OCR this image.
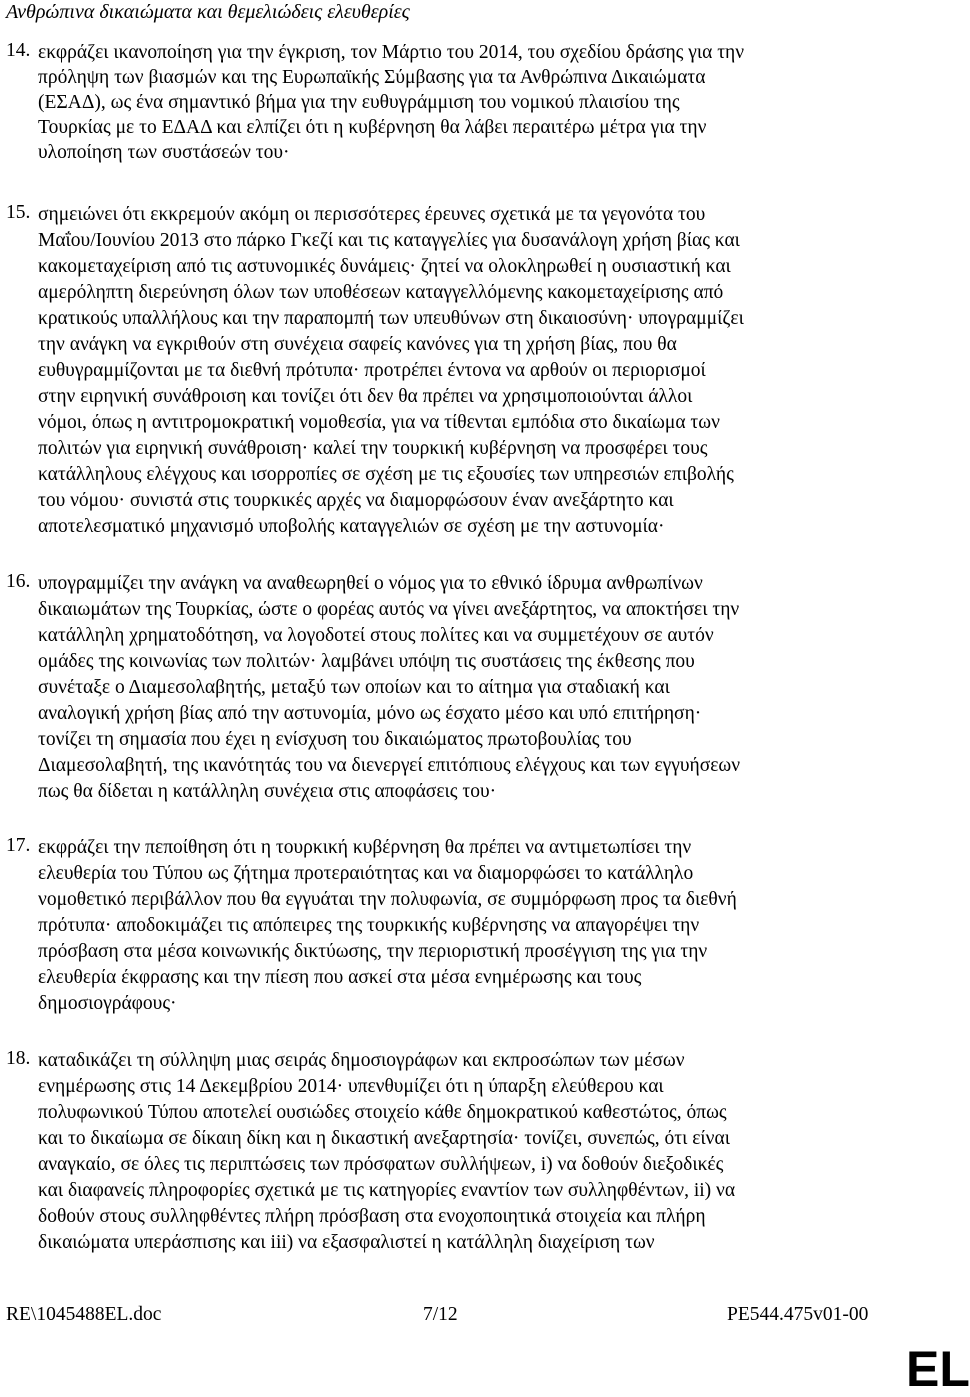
Ανθρώπινα δικαιώματα και θεμελιώδεις ελευθερίες
14. εκφράζει ικανοποίηση για την έγκριση, τον Μάρτιο του 2014, του σχεδίου δράσης για την
πρόληψη των βιασμών και της Ευρωπαϊκής Σύμβασης για τα Ανθρώπινα Δικαιώματα
(ΕΣΑΔ), ως ένα σημαντικό βήμα για την ευθυγράμμιση του νομικού πλαισίου της
Τουρκίας με το ΕΔΑΔ και ελπίζει ότι η κυβέρνηση θα λάβει περαιτέρω μέτρα για την
υλοποίηση των συστάσεών του·
15. σημειώνει ότι εκκρεμούν ακόμη οι περισσότερες έρευνες σχετικά με τα γεγονότα του
Μαΐου/Ιουνίου 2013 στο πάρκο Γκεζί και τις καταγγελίες για δυσανάλογη χρήση βίας και
κακομεταχείριση από τις αστυνομικές δυνάμεις· ζητεί να ολοκληρωθεί η ουσιαστική και
αμερόληπτη διερεύνηση όλων των υποθέσεων καταγγελλόμενης κακομεταχείρισης από
κρατικούς υπαλλήλους και την παραπομπή των υπευθύνων στη δικαιοσύνη· υπογραμμίζει
την ανάγκη να εγκριθούν στη συνέχεια σαφείς κανόνες για τη χρήση βίας, που θα
ευθυγραμμίζονται με τα διεθνή πρότυπα· προτρέπει έντονα να αρθούν οι περιορισμοί
στην ειρηνική συνάθροιση και τονίζει ότι δεν θα πρέπει να χρησιμοποιούνται άλλοι
νόμοι, όπως η αντιτρομοκρατική νομοθεσία, για να τίθενται εμπόδια στο δικαίωμα των
πολιτών για ειρηνική συνάθροιση· καλεί την τουρκική κυβέρνηση να προσφέρει τους
κατάλληλους ελέγχους και ισορροπίες σε σχέση με τις εξουσίες των υπηρεσιών επιβολής
του νόμου· συνιστά στις τουρκικές αρχές να διαμορφώσουν έναν ανεξάρτητο και
αποτελεσματικό μηχανισμό υποβολής καταγγελιών σε σχέση με την αστυνομία·
16. υπογραμμίζει την ανάγκη να αναθεωρηθεί ο νόμος για το εθνικό ίδρυμα ανθρωπίνων
δικαιωμάτων της Τουρκίας, ώστε ο φορέας αυτός να γίνει ανεξάρτητος, να αποκτήσει την
κατάλληλη χρηματοδότηση, να λογοδοτεί στους πολίτες και να συμμετέχουν σε αυτόν
ομάδες της κοινωνίας των πολιτών· λαμβάνει υπόψη τις συστάσεις της έκθεσης που
συνέταξε ο Διαμεσολαβητής, μεταξύ των οποίων και το αίτημα για σταδιακή και
αναλογική χρήση βίας από την αστυνομία, μόνο ως έσχατο μέσο και υπό επιτήρηση·
τονίζει τη σημασία που έχει η ενίσχυση του δικαιώματος πρωτοβουλίας του
Διαμεσολαβητή, της ικανότητάς του να διενεργεί επιτόπιους ελέγχους και των εγγυήσεων
πως θα δίδεται η κατάλληλη συνέχεια στις αποφάσεις του·
17. εκφράζει την πεποίθηση ότι η τουρκική κυβέρνηση θα πρέπει να αντιμετωπίσει την
ελευθερία του Τύπου ως ζήτημα προτεραιότητας και να διαμορφώσει το κατάλληλο
νομοθετικό περιβάλλον που θα εγγυάται την πολυφωνία, σε συμμόρφωση προς τα διεθνή
πρότυπα· αποδοκιμάζει τις απόπειρες της τουρκικής κυβέρνησης να απαγορέψει την
πρόσβαση στα μέσα κοινωνικής δικτύωσης, την περιοριστική προσέγγιση της για την
ελευθερία έκφρασης και την πίεση που ασκεί στα μέσα ενημέρωσης και τους
δημοσιογράφους·
18. καταδικάζει τη σύλληψη μιας σειράς δημοσιογράφων και εκπροσώπων των μέσων
ενημέρωσης στις 14 Δεκεμβρίου 2014· υπενθυμίζει ότι η ύπαρξη ελεύθερου και
πολυφωνικού Τύπου αποτελεί ουσιώδες στοιχείο κάθε δημοκρατικού καθεστώτος, όπως
και το δικαίωμα σε δίκαιη δίκη και η δικαστική ανεξαρτησία· τονίζει, συνεπώς, ότι είναι
αναγκαίο, σε όλες τις περιπτώσεις των πρόσφατων συλλήψεων, i) να δοθούν διεξοδικές
και διαφανείς πληροφορίες σχετικά με τις κατηγορίες εναντίον των συλληφθέντων, ii) να
δοθούν στους συλληφθέντες πλήρη πρόσβαση στα ενοχοποιητικά στοιχεία και πλήρη
δικαιώματα υπεράσπισης και iii) να εξασφαλιστεί η κατάλληλη διαχείριση των
RE\1045488EL.doc	7/12	PE544.475v01-00
EL
